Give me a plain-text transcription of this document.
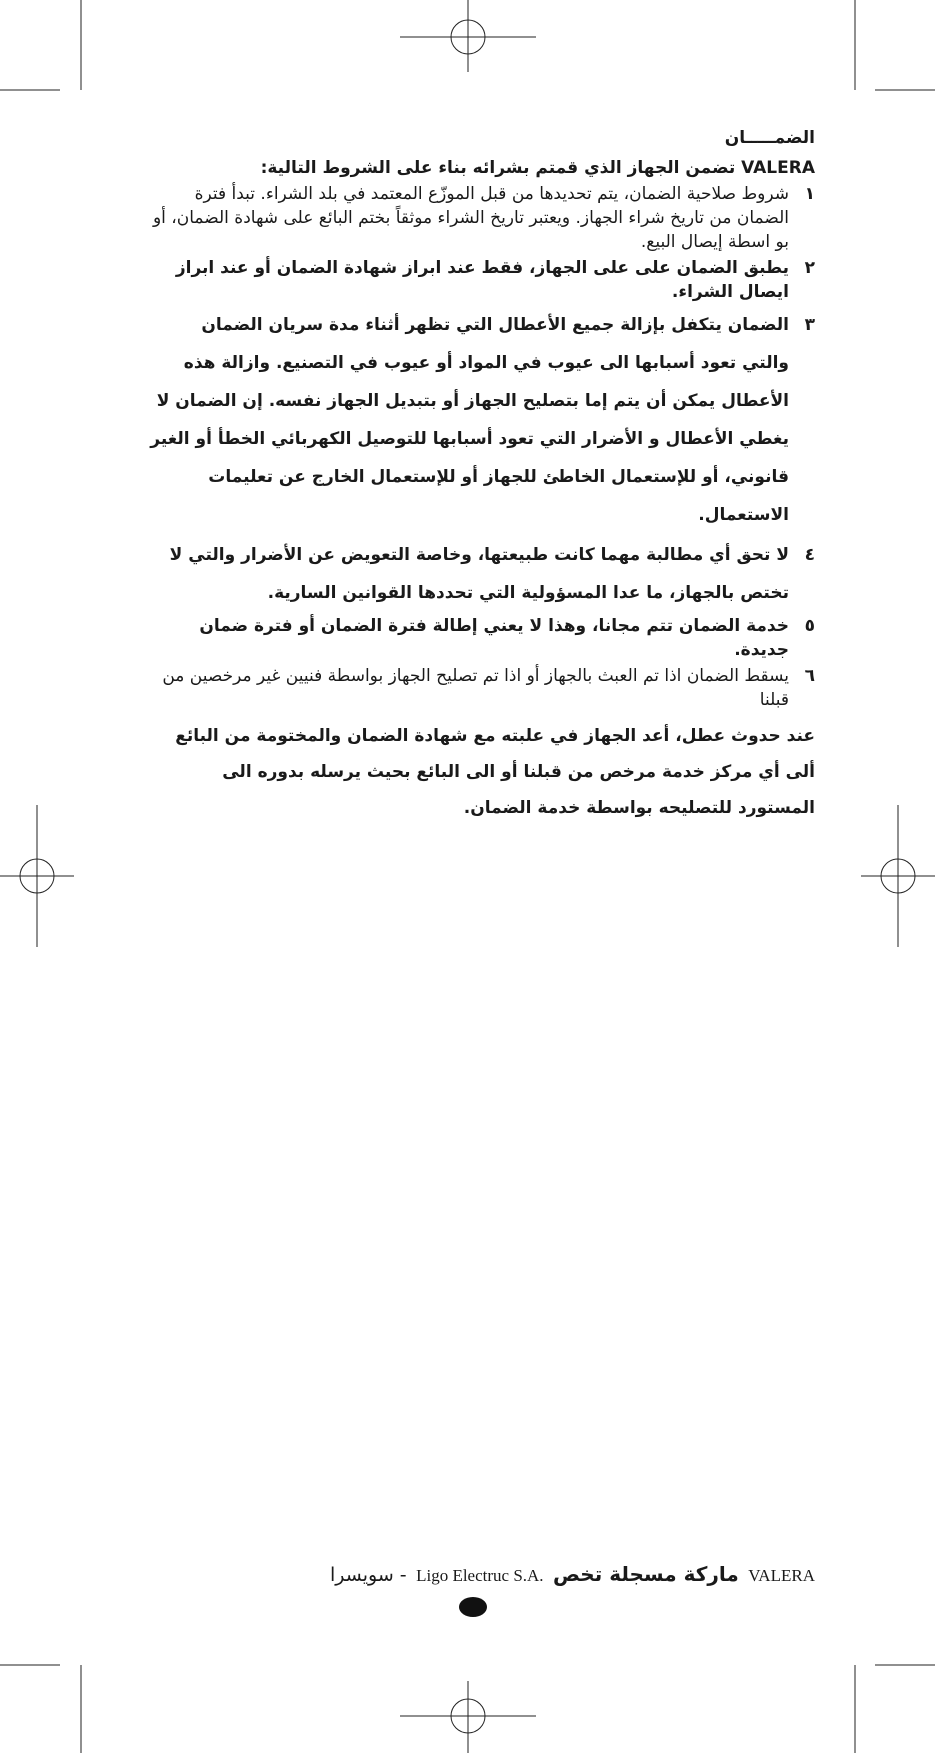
الضمـــــان
VALERA تضمن الجهاز الذي قمتم بشرائه بناء على الشروط التالية:
١
شروط صلاحية الضمان، يتم تحديدها من قبل الموزّع المعتمد في بلد الشراء. تبدأ فترة الضمان من تاريخ شراء الجهاز. ويعتبر تاريخ الشراء موثقاً بختم البائع على شهادة الضمان، أو بو اسطة إيصال البيع.
٢
يطبق الضمان على على الجهاز، فقط عند ابراز شهادة الضمان أو عند ابراز ايصال الشراء.
٣
الضمان يتكفل بإزالة جميع الأعطال التي تظهر أثناء مدة سريان الضمان والتي تعود أسبابها الى عيوب في المواد أو عيوب في التصنيع. وازالة هذه الأعطال يمكن أن يتم إما بتصليح الجهاز أو بتبديل الجهاز نفسه. إن الضمان لا يغطي الأعطال و الأضرار التي تعود أسبابها للتوصيل الكهربائي الخطأ أو الغير قانوني، أو للإستعمال الخاطئ للجهاز أو للإستعمال الخارج عن تعليمات الاستعمال.
٤
لا تحق أي مطالبة مهما كانت طبيعتها، وخاصة التعويض عن الأضرار والتي لا تختص بالجهاز، ما عدا المسؤولية التي تحددها القوانين السارية.
٥
خدمة الضمان تتم مجانا، وهذا لا يعني إطالة فترة الضمان أو فترة ضمان جديدة.
٦
يسقط الضمان اذا تم العبث بالجهاز أو اذا تم تصليح الجهاز بواسطة فنيين غير مرخصين من قبلنا
عند حدوث عطل، أعد الجهاز في علبته مع شهادة الضمان والمختومة من البائع ألى أي مركز خدمة مرخص من قبلنا أو الى البائع بحيث يرسله بدوره الى المستورد للتصليحه بواسطة خدمة الضمان.
- سويسرا Ligo Electruc S.A. ماركة مسجلة تخص VALERA
